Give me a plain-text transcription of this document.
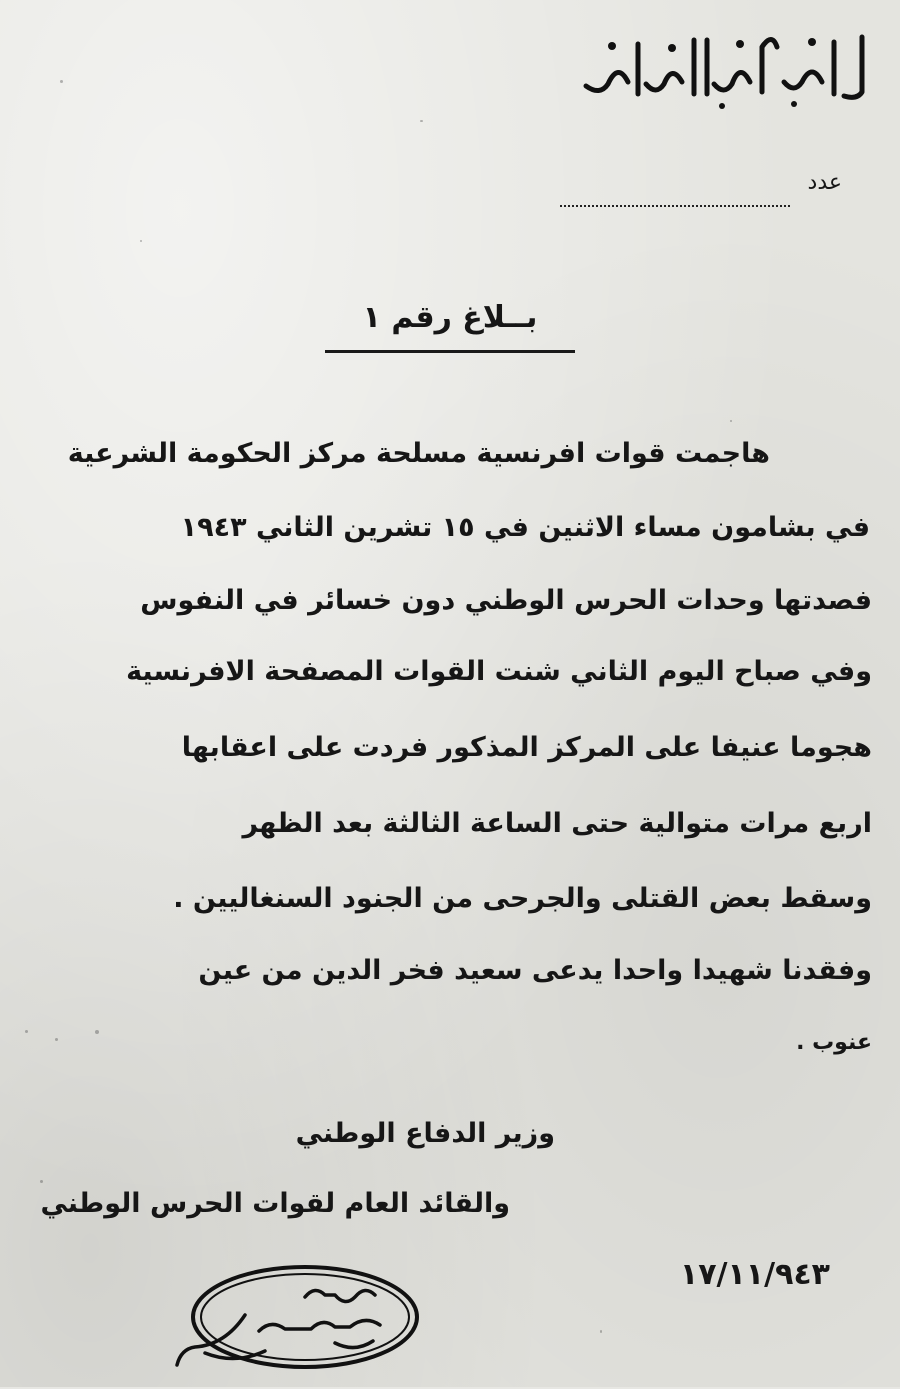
عدد
بــلاغ رقم ١
هاجمت قوات افرنسية مسلحة مركز الحكومة الشرعية
في بشامون مساء الاثنين في ١٥ تشرين الثاني ١٩٤٣
فصدتها وحدات الحرس الوطني دون خسائر في النفوس
وفي صباح اليوم الثاني شنت القوات المصفحة الافرنسية
هجوما عنيفا على المركز المذكور فردت على اعقابها
اربع مرات متوالية حتى الساعة الثالثة بعد الظهر
وسقط بعض القتلى والجرحى من الجنود السنغاليين .
وفقدنا شهيدا واحدا يدعى سعيد فخر الدين من عين
عنوب .
وزير الدفاع الوطني
والقائد العام لقوات الحرس الوطني
١٧/١١/٩٤٣
